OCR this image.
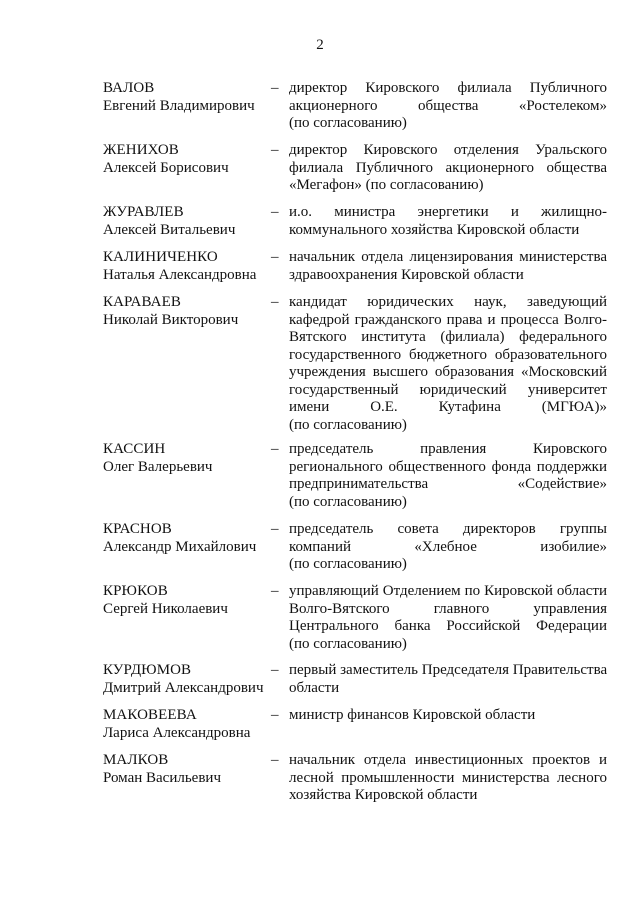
2
ВАЛОВ
Евгений Владимирович
– директор Кировского филиала Публичного
акционерного общества «Ростелеком»
(по согласованию)
ЖЕНИХОВ
Алексей Борисович
– директор Кировского отделения Уральского
филиала Публичного акционерного общества
«Мегафон» (по согласованию)
ЖУРАВЛЕВ
Алексей Витальевич
– и.о. министра энергетики и жилищно-
коммунального хозяйства Кировской области
КАЛИНИЧЕНКО
Наталья Александровна
– начальник отдела лицензирования министерства
здравоохранения Кировской области
КАРАВАЕВ
Николай Викторович
– кандидат юридических наук, заведующий
кафедрой гражданского права и процесса Волго-
Вятского института (филиала) федерального
государственного бюджетного образовательного
учреждения высшего образования «Московский
государственный юридический университет
имени О.Е. Кутафина (МГЮА)»
(по согласованию)
КАССИН
Олег Валерьевич
– председатель правления Кировского
регионального общественного фонда поддержки
предпринимательства «Содействие»
(по согласованию)
КРАСНОВ
Александр Михайлович
– председатель совета директоров группы
компаний «Хлебное изобилие»
(по согласованию)
КРЮКОВ
Сергей Николаевич
– управляющий Отделением по Кировской области
Волго-Вятского главного управления
Центрального банка Российской Федерации
(по согласованию)
КУРДЮМОВ
Дмитрий Александрович
– первый заместитель Председателя Правительства
области
МАКОВЕЕВА
Лариса Александровна
– министр финансов Кировской области
МАЛКОВ
Роман Васильевич
– начальник отдела инвестиционных проектов и
лесной промышленности министерства лесного
хозяйства Кировской области
